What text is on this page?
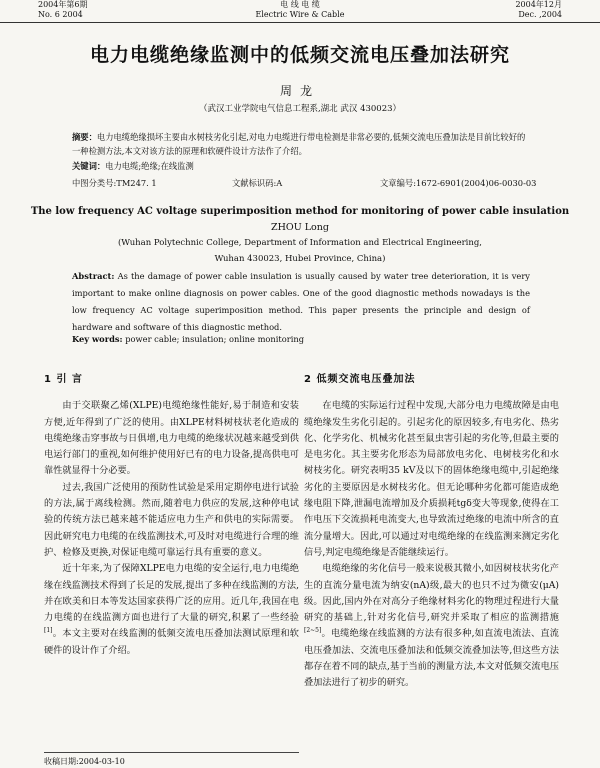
2004年第6期
No. 6 2004
电 线 电 缆
Electric Wire & Cable
2004年12月
Dec. ,2004
电力电缆绝缘监测中的低频交流电压叠加法研究
周龙
（武汉工业学院电气信息工程系,湖北 武汉 430023）
摘要：电力电缆绝缘损坏主要由水树枝劣化引起,对电力电缆进行带电检测是非常必要的,低频交流电压叠加法是目前比较好的一种检测方法,本文对该方法的原理和软硬件设计方法作了介绍。
关键词：电力电缆;绝缘;在线监测
中图分类号:TM247. 1	文献标识码:A	文章编号:1672-6901(2004)06-0030-03
The low frequency AC voltage superimposition method for monitoring of power cable insulation
ZHOU Long
(Wuhan Polytechnic College, Department of Information and Electrical Engineering,
Wuhan 430023, Hubei Province, China)
Abstract: As the damage of power cable insulation is usually caused by water tree deterioration, it is very important to make online diagnosis on power cables. One of the good diagnostic methods nowadays is the low frequency AC voltage superimposition method. This paper presents the principle and design of hardware and software of this diagnostic method.
Key words: power cable; insulation; online monitoring
1 引 言

由于交联聚乙烯(XLPE)电缆绝缘性能好,易于制造和安装方便,近年得到了广泛的使用。由XLPE材料树枝状老化造成的电缆绝缘击穿事故与日俱增,电力电缆的绝缘状况越来越受到供电运行部门的重视,如何维护使用好已有的电力设备,提高供电可靠性就显得十分必要。

过去,我国广泛使用的预防性试验是采用定期停电进行试验的方法,属于离线检测。然而,随着电力供应的发展,这种停电试验的传统方法已越来越不能适应电力生产和供电的实际需要。因此研究电力电缆的在线监测技术,可及时对电缆进行合理的维护、检修及更换,对保证电缆可靠运行具有重要的意义。

近十年来,为了保障XLPE电力电缆的安全运行,电力电缆绝缘在线监测技术得到了长足的发展,提出了多种在线监测的方法,并在欧美和日本等发达国家获得广泛的应用。近几年,我国在电力电缆的在线监测方面也进行了大量的研究,积累了一些经验[1]。本文主要对在线监测的低频交流电压叠加法测试原理和软硬件的设计作了介绍。

2 低频交流电压叠加法

在电缆的实际运行过程中发现,大部分电力电缆故障是由电缆绝缘发生劣化引起的。引起劣化的原因较多,有电劣化、热劣化、化学劣化、机械劣化甚至鼠虫害引起的劣化等,但最主要的是电劣化。其主要劣化形态为局部放电劣化、电树枝劣化和水树枝劣化。研究表明35 kV及以下的固体绝缘电缆中,引起绝缘劣化的主要原因是水树枝劣化。但无论哪种劣化都可能造成绝缘电阻下降,泄漏电流增加及介质损耗tgδ变大等现象,使得在工作电压下交流损耗电流变大,也导致流过绝缘的电流中所含的直流分量增大。因此,可以通过对电缆绝缘的在线监测来测定劣化信号,判定电缆绝缘是否能继续运行。

电缆绝缘的劣化信号一般来说极其微小,如因树枝状劣化产生的直流分量电流为纳安(nA)级,最大的也只不过为微安(μA)级。因此,国内外在对高分子绝缘材料劣化的物理过程进行大量研究的基础上,针对劣化信号,研究并采取了相应的监测措施[2~5]。电缆绝缘在线监测的方法有很多种,如直流电流法、直流电压叠加法、交流电压叠加法和低频交流叠加法等,但这些方法都存在着不同的缺点,基于当前的测量方法,本文对低频交流电压叠加法进行了初步的研究。

收稿日期:2004-03-10
